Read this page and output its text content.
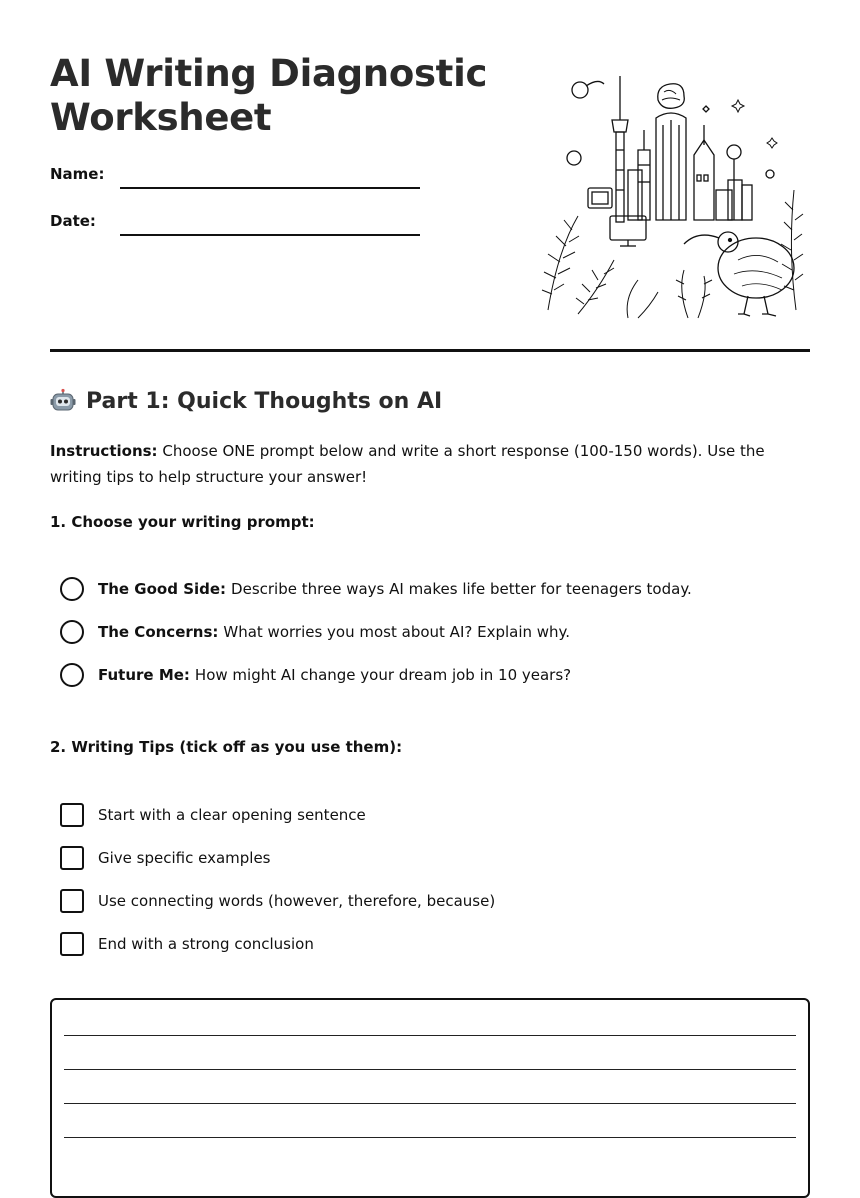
AI Writing Diagnostic
Worksheet
Name:
Date:
Part 1: Quick Thoughts on AI
Instructions: Choose ONE prompt below and write a short response (100-150 words). Use the writing tips to help structure your answer!
1. Choose your writing prompt:
The Good Side: Describe three ways AI makes life better for teenagers today.
The Concerns: What worries you most about AI? Explain why.
Future Me: How might AI change your dream job in 10 years?
2. Writing Tips (tick off as you use them):
Start with a clear opening sentence
Give specific examples
Use connecting words (however, therefore, because)
End with a strong conclusion
